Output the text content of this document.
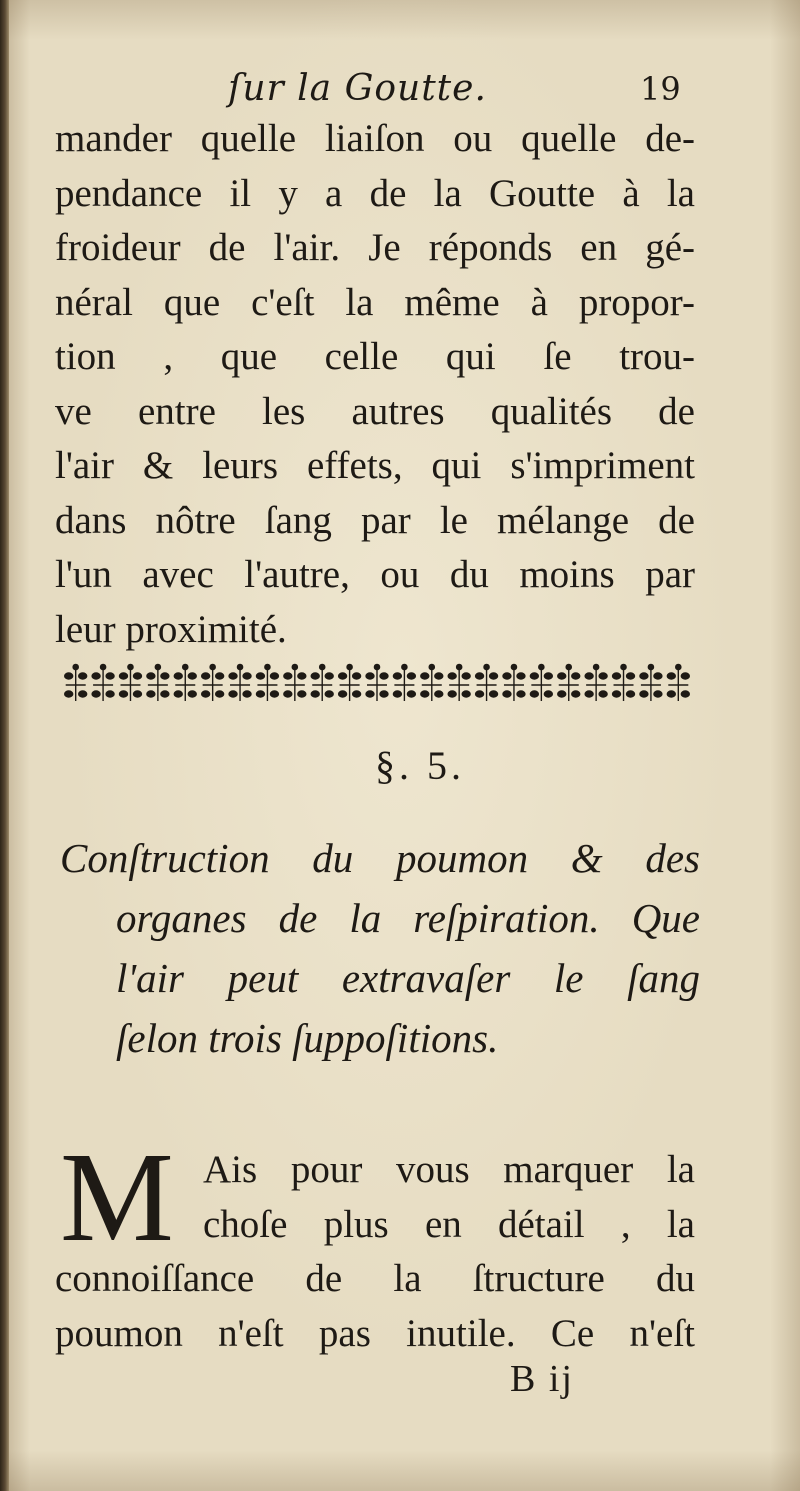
ſur la Goutte.	19
mander quelle liaiſon ou quelle de-
pendance il y a de la Goutte à la
froideur de l'air. Je réponds en gé-
néral que c'eſt la même à propor-
tion , que celle qui ſe trou-
ve entre les autres qualités de
l'air & leurs effets, qui s'impriment
dans nôtre ſang par le mélange de
l'un avec l'autre, ou du moins par
leur proximité.
§. 5.
Conſtruction du poumon & des
organes de la reſpiration. Que
l'air peut extravaſer le ſang
ſelon trois ſuppoſitions.
M Ais pour vous marquer la
choſe plus en détail , la
connoiſſance de la ſtructure du
poumon n'eſt pas inutile. Ce n'eſt
B ij
